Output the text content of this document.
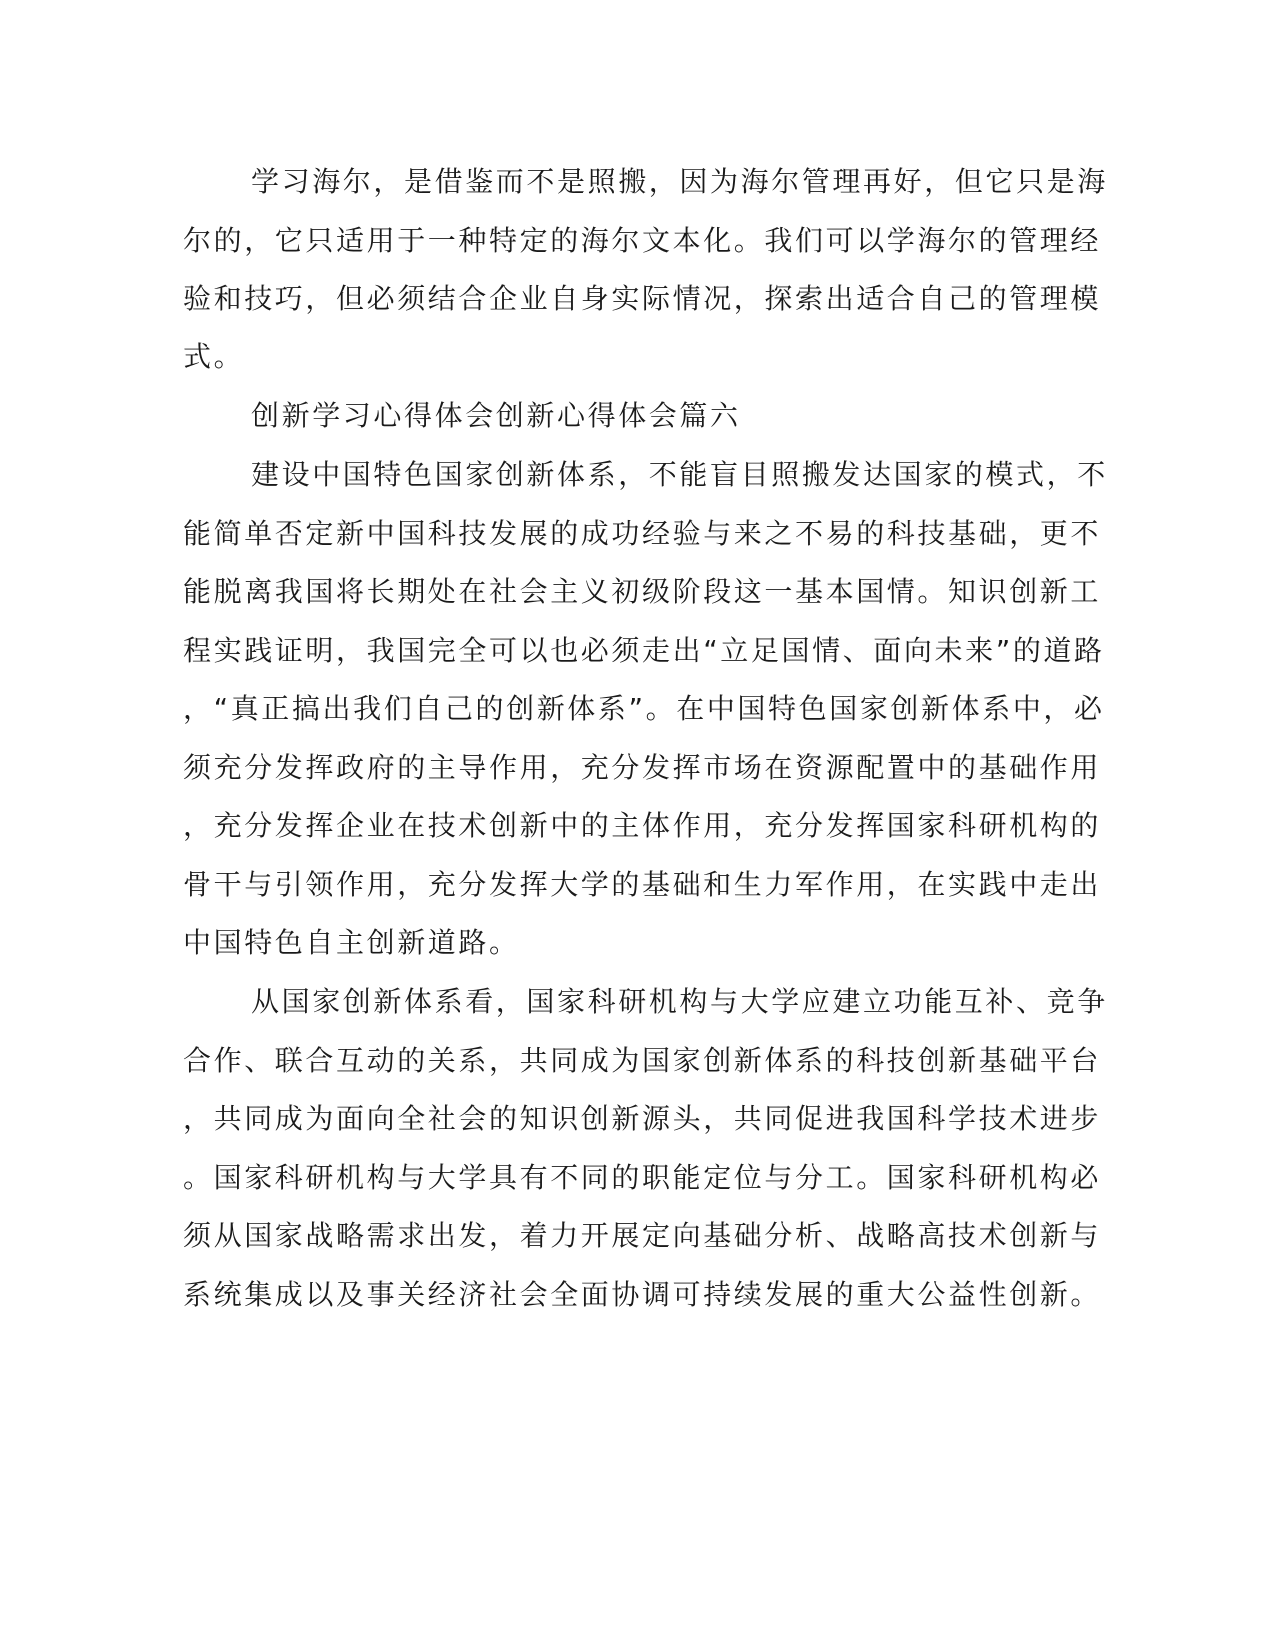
学习海尔，是借鉴而不是照搬，因为海尔管理再好，但它只是海
尔的，它只适用于一种特定的海尔文本化。我们可以学海尔的管理经
验和技巧，但必须结合企业自身实际情况，探索出适合自己的管理模
式。
创新学习心得体会创新心得体会篇六
建设中国特色国家创新体系，不能盲目照搬发达国家的模式，不
能简单否定新中国科技发展的成功经验与来之不易的科技基础，更不
能脱离我国将长期处在社会主义初级阶段这一基本国情。知识创新工
程实践证明，我国完全可以也必须走出“立足国情、面向未来”的道路
，“真正搞出我们自己的创新体系”。在中国特色国家创新体系中，必
须充分发挥政府的主导作用，充分发挥市场在资源配置中的基础作用
，充分发挥企业在技术创新中的主体作用，充分发挥国家科研机构的
骨干与引领作用，充分发挥大学的基础和生力军作用，在实践中走出
中国特色自主创新道路。
从国家创新体系看，国家科研机构与大学应建立功能互补、竞争
合作、联合互动的关系，共同成为国家创新体系的科技创新基础平台
，共同成为面向全社会的知识创新源头，共同促进我国科学技术进步
。国家科研机构与大学具有不同的职能定位与分工。国家科研机构必
须从国家战略需求出发，着力开展定向基础分析、战略高技术创新与
系统集成以及事关经济社会全面协调可持续发展的重大公益性创新。
